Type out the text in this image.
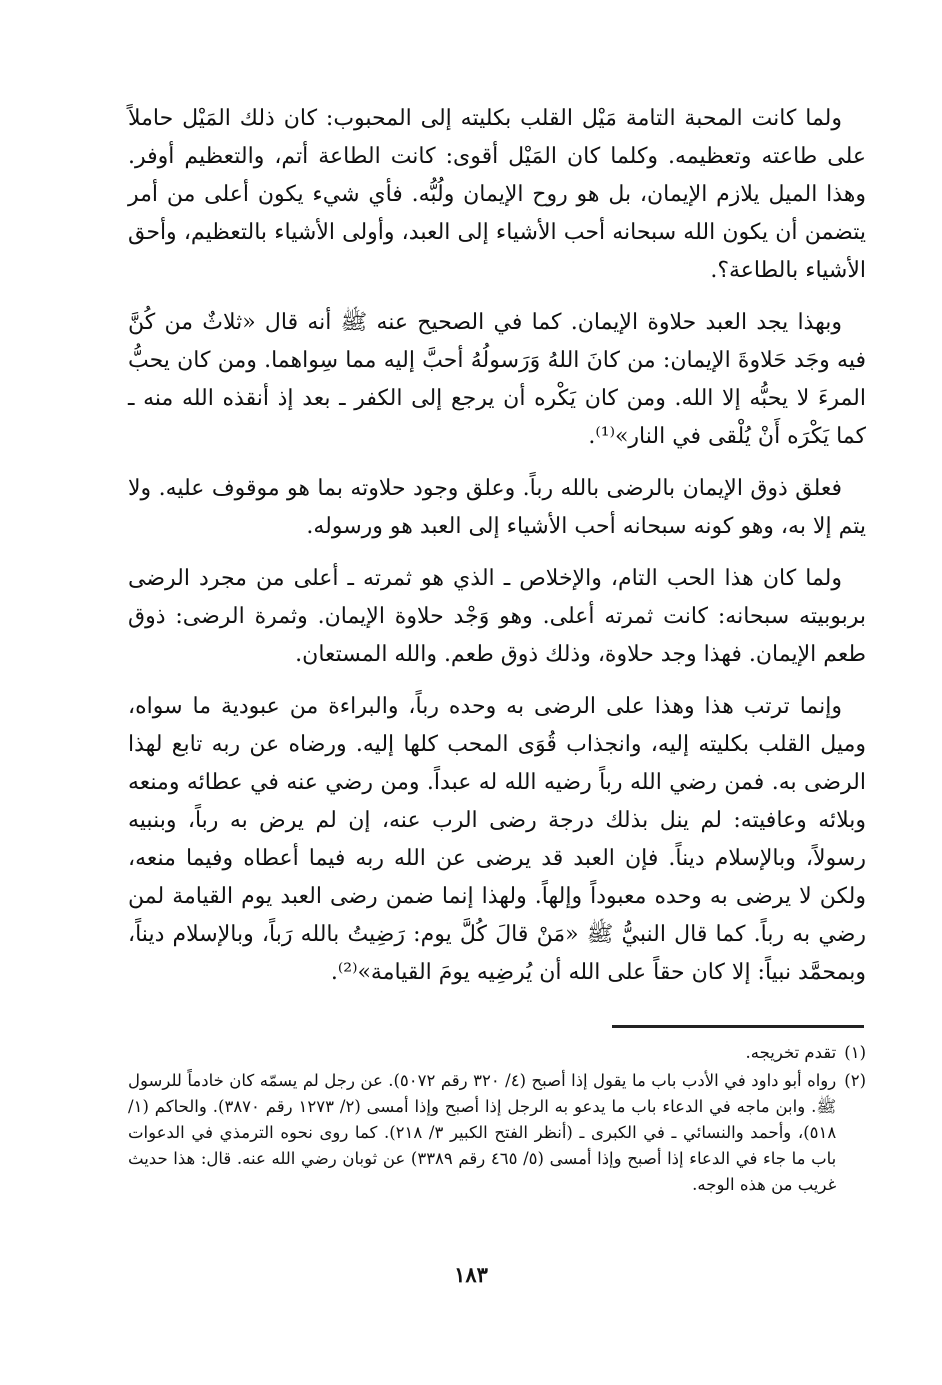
ولما كانت المحبة التامة مَيْل القلب بكليته إلى المحبوب: كان ذلك المَيْل حاملاً على طاعته وتعظيمه. وكلما كان المَيْل أقوى: كانت الطاعة أتم، والتعظيم أوفر. وهذا الميل يلازم الإيمان، بل هو روح الإيمان ولُبُّه. فأي شيء يكون أعلى من أمر يتضمن أن يكون الله سبحانه أحب الأشياء إلى العبد، وأولى الأشياء بالتعظيم، وأحق الأشياء بالطاعة؟.

وبهذا يجد العبد حلاوة الإيمان. كما في الصحيح عنه ﷺ أنه قال «ثلاثٌ من كُنَّ فيه وجَد حَلاوةَ الإيمان: من كانَ اللهُ وَرَسولُهُ أحبَّ إليه مما سِواهما. ومن كان يحبُّ المرءَ لا يحبُّه إلا الله. ومن كان يَكْره أن يرجع إلى الكفر ـ بعد إذ أنقذه الله منه ـ كما يَكْرَه أَنْ يُلْقى في النار»⁽¹⁾.

فعلق ذوق الإيمان بالرضى بالله رباً. وعلق وجود حلاوته بما هو موقوف عليه. ولا يتم إلا به، وهو كونه سبحانه أحب الأشياء إلى العبد هو ورسوله.

ولما كان هذا الحب التام، والإخلاص ـ الذي هو ثمرته ـ أعلى من مجرد الرضى بربوبيته سبحانه: كانت ثمرته أعلى. وهو وَجْد حلاوة الإيمان. وثمرة الرضى: ذوق طعم الإيمان. فهذا وجد حلاوة، وذلك ذوق طعم. والله المستعان.

وإنما ترتب هذا وهذا على الرضى به وحده رباً، والبراءة من عبودية ما سواه، وميل القلب بكليته إليه، وانجذاب قُوَى المحب كلها إليه. ورضاه عن ربه تابع لهذا الرضى به. فمن رضي الله رباً رضيه الله له عبداً. ومن رضي عنه في عطائه ومنعه وبلائه وعافيته: لم ينل بذلك درجة رضى الرب عنه، إن لم يرض به رباً، وبنبيه رسولاً، وبالإسلام ديناً. فإن العبد قد يرضى عن الله ربه فيما أعطاه وفيما منعه، ولكن لا يرضى به وحده معبوداً وإلهاً. ولهذا إنما ضمن رضى العبد يوم القيامة لمن رضي به رباً. كما قال النبيُّ ﷺ «مَنْ قالَ كُلَّ يوم: رَضِيتُ بالله رَباً، وبالإسلام ديناً، وبمحمَّد نبياً: إلا كان حقاً على الله أن يُرضِيه يومَ القيامة»⁽²⁾.

(١)
تقدم تخريجه.
(٢)
رواه أبو داود في الأدب باب ما يقول إذا أصبح (٤/ ٣٢٠ رقم ٥٠٧٢). عن رجل لم يسمّه كان خادماً للرسول ﷺ. وابن ماجه في الدعاء باب ما يدعو به الرجل إذا أصبح وإذا أمسى (٢/ ١٢٧٣ رقم ٣٨٧٠). والحاكم (١/ ٥١٨)، وأحمد والنسائي ـ في الكبرى ـ (أنظر الفتح الكبير ٣/ ٢١٨). كما روى نحوه الترمذي في الدعوات باب ما جاء في الدعاء إذا أصبح وإذا أمسى (٥/ ٤٦٥ رقم ٣٣٨٩) عن ثوبان رضي الله عنه. قال: هذا حديث غريب من هذه الوجه.
١٨٣
